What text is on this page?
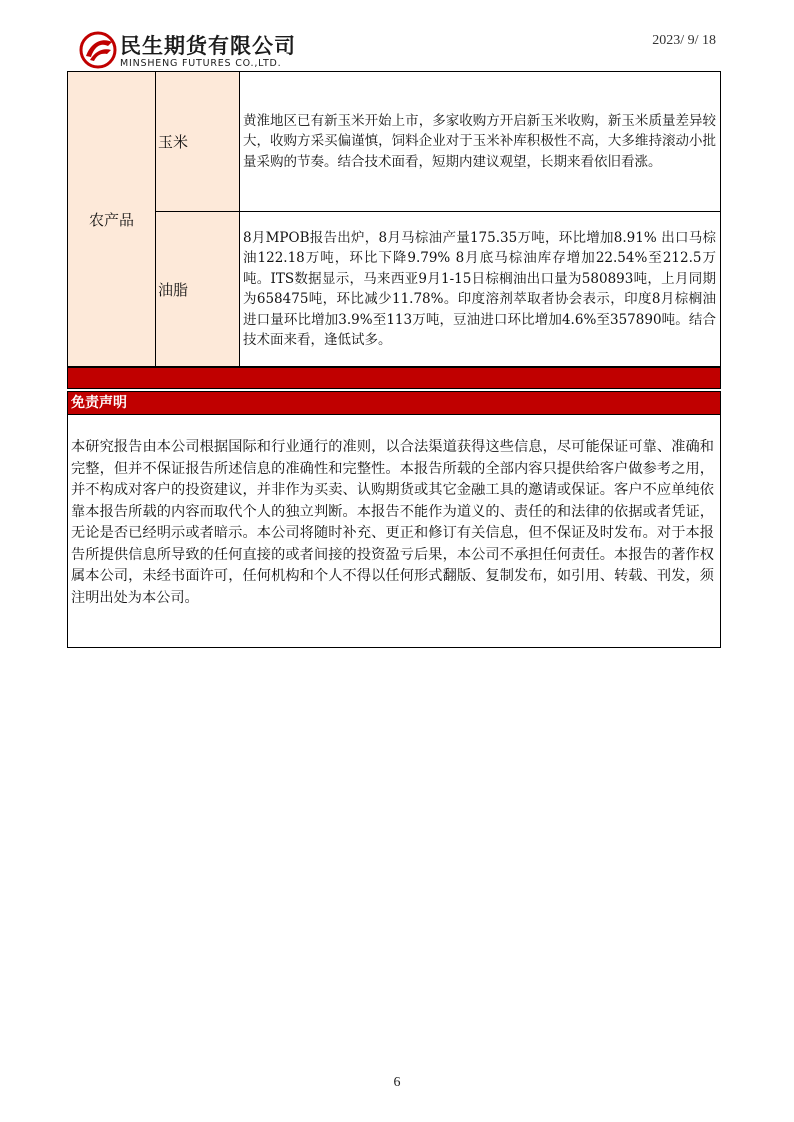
民生期货有限公司
MINSHENG FUTURES CO.,LTD.
2023/ 9/ 18
农产品	玉米	黄淮地区已有新玉米开始上市，多家收购方开启新玉米收购，新玉米质量差异较大，收购方采买偏谨慎，饲料企业对于玉米补库积极性不高，大多维持滚动小批量采购的节奏。结合技术面看，短期内建议观望，长期来看依旧看涨。
	油脂	8月MPOB报告出炉，8月马棕油产量175.35万吨，环比增加8.91% 出口马棕油122.18万吨，环比下降9.79% 8月底马棕油库存增加22.54%至212.5万吨。ITS数据显示，马来西亚9月1-15日棕榈油出口量为580893吨，上月同期为658475吨，环比减少11.78%。印度溶剂萃取者协会表示，印度8月棕榈油进口量环比增加3.9%至113万吨，豆油进口环比增加4.6%至357890吨。结合技术面来看，逢低试多。
免责声明
本研究报告由本公司根据国际和行业通行的准则，以合法渠道获得这些信息，尽可能保证可靠、准确和完整，但并不保证报告所述信息的准确性和完整性。本报告所载的全部内容只提供给客户做参考之用，并不构成对客户的投资建议，并非作为买卖、认购期货或其它金融工具的邀请或保证。客户不应单纯依靠本报告所载的内容而取代个人的独立判断。本报告不能作为道义的、责任的和法律的依据或者凭证，无论是否已经明示或者暗示。本公司将随时补充、更正和修订有关信息，但不保证及时发布。对于本报告所提供信息所导致的任何直接的或者间接的投资盈亏后果，本公司不承担任何责任。本报告的著作权属本公司，未经书面许可，任何机构和个人不得以任何形式翻版、复制发布，如引用、转载、刊发，须注明出处为本公司。
6
